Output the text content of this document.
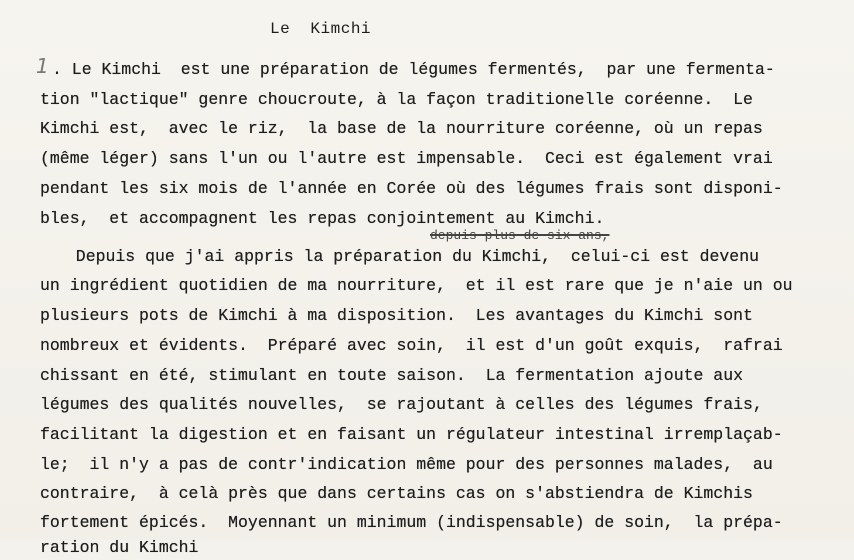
Le  Kimchi
1 . Le Kimchi  est une préparation de légumes fermentés,  par une fermenta-
tion "lactique" genre choucroute, à la façon traditionelle coréenne.  Le
Kimchi est,  avec le riz,  la base de la nourriture coréenne, où un repas
(même léger) sans l'un ou l'autre est impensable.  Ceci est également vrai
pendant les six mois de l'année en Corée où des légumes frais sont disponi-
bles,  et accompagnent les repas conjointement au Kimchi.
depuis plus de six ans,
Depuis que j'ai appris la préparation du Kimchi,  celui-ci est devenu
un ingrédient quotidien de ma nourriture,  et il est rare que je n'aie un ou
plusieurs pots de Kimchi à ma disposition.  Les avantages du Kimchi sont
nombreux et évidents.  Préparé avec soin,  il est d'un goût exquis,  rafrai
chissant en été, stimulant en toute saison.  La fermentation ajoute aux
légumes des qualités nouvelles,  se rajoutant à celles des légumes frais,
facilitant la digestion et en faisant un régulateur intestinal irremplaçab-
le;  il n'y a pas de contr'indication même pour des personnes malades,  au
contraire,  à celà près que dans certains cas on s'abstiendra de Kimchis
fortement épicés.  Moyennant un minimum (indispensable) de soin,  la prépa-
ration du Kimchi
